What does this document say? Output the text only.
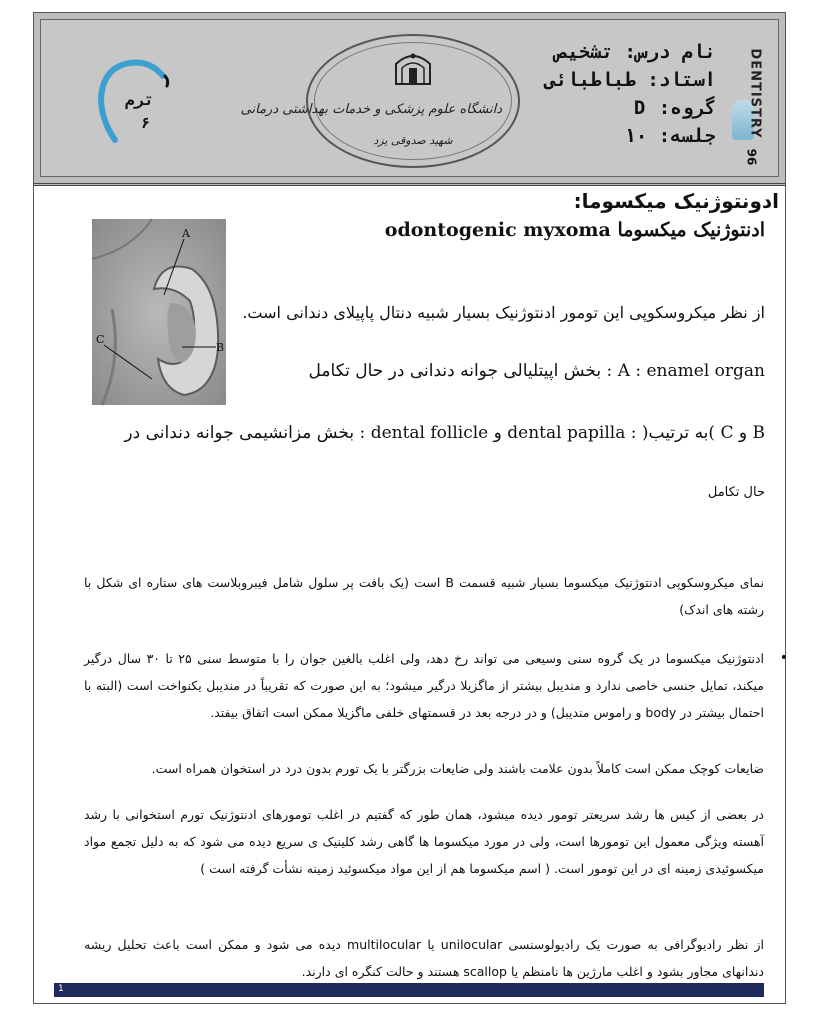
نام درس: تشخیص
استاد: طباطبائی
گروه: D
جلسه: ۱۰ DENTISTRY
96
دانشگاه علوم پزشکی و خدمات بهداشتی درمانی
شهید صدوقی یزد
ترم
۶
ادونتوژنیک میکسوما:
odontogenic myxoma ادنتوژنیک میکسوما
A
B
C
از نظر میکروسکوپی این تومور ادنتوژنیک بسیار شبیه دنتال پاپیلای دندانی است.
A : enamel organ : بخش اپیتلیالی جوانه دندانی در حال تکامل
B و C )به ترتیب( : dental papilla و dental follicle : بخش مزانشیمی جوانه دندانی در
حال تکامل
نمای میکروسکوپی ادنتوژنیک میکسوما بسیار شبیه قسمت B است (یک بافت پر سلول شامل فیبروبلاست های ستاره ای شکل با رشته های اندک)
•
ادنتوژنیک میکسوما در یک گروه سنی وسیعی می تواند رخ دهد، ولی اغلب بالغین جوان را با متوسط سنی ۲۵ تا ۳۰ سال درگیر میکند، تمایل جنسی خاصی ندارد و مندیبل بیشتر از ماگزیلا درگیر میشود؛ به این صورت که تقریباً در مندیبل یکنواخت است (البته با احتمال بیشتر در body و راموس مندیبل) و در درجه بعد در قسمتهای خلفی ماگزیلا ممکن است اتفاق بیفتد.
ضایعات کوچک ممکن است کاملاً بدون علامت باشند ولی ضایعات بزرگتر با یک تورم بدون درد در استخوان همراه است.
در بعضی از کیس ها رشد سریعتر تومور دیده میشود، همان طور که گفتیم در اغلب تومورهای ادنتوژنیک تورم استخوانی با رشد آهسته ویژگی معمول این تومورها است، ولی در مورد میکسوما ها گاهی رشد کلینیک ی سریع دیده می شود که به دلیل تجمع مواد میکسوئیدی زمینه ای در این تومور است. ( اسم میکسوما هم از این مواد میکسوئید زمینه نشأت گرفته است )
از نظر رادیوگرافی به صورت یک رادیولوسنسی unilocular یا multilocular دیده می شود و ممکن است باعث تحلیل ریشه دندانهای مجاور بشود و اغلب مارژین ها نامنظم یا scallop هستند و حالت کنگره ای دارند.
1
